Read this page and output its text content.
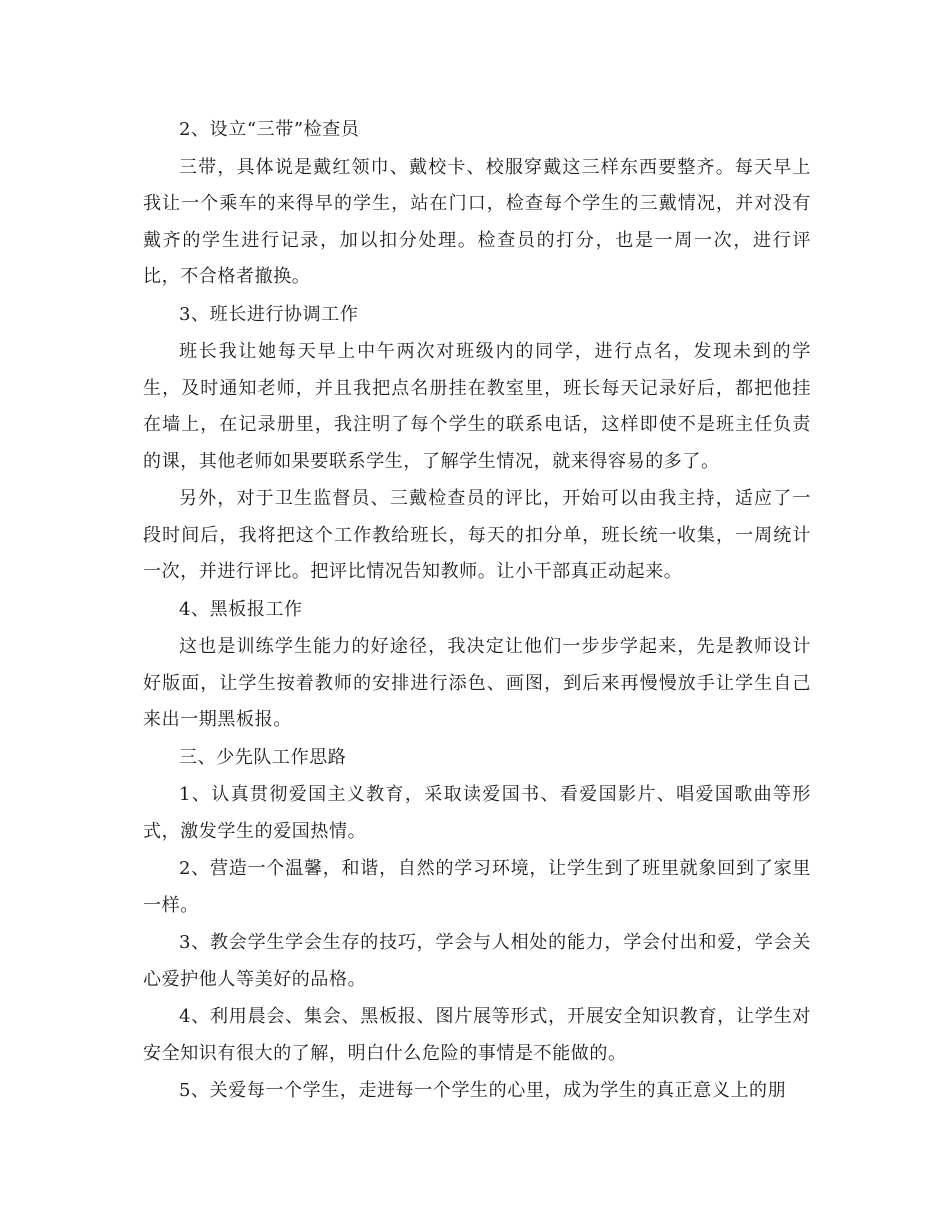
2、设立“三带”检查员

三带，具体说是戴红领巾、戴校卡、校服穿戴这三样东西要整齐。每天早上我让一个乘车的来得早的学生，站在门口，检查每个学生的三戴情况，并对没有戴齐的学生进行记录，加以扣分处理。检查员的打分，也是一周一次，进行评比，不合格者撤换。

3、班长进行协调工作

班长我让她每天早上中午两次对班级内的同学，进行点名，发现未到的学生，及时通知老师，并且我把点名册挂在教室里，班长每天记录好后，都把他挂在墙上，在记录册里，我注明了每个学生的联系电话，这样即使不是班主任负责的课，其他老师如果要联系学生，了解学生情况，就来得容易的多了。

另外，对于卫生监督员、三戴检查员的评比，开始可以由我主持，适应了一段时间后，我将把这个工作教给班长，每天的扣分单，班长统一收集，一周统计一次，并进行评比。把评比情况告知教师。让小干部真正动起来。

4、黑板报工作

这也是训练学生能力的好途径，我决定让他们一步步学起来，先是教师设计好版面，让学生按着教师的安排进行添色、画图，到后来再慢慢放手让学生自己来出一期黑板报。

三、少先队工作思路

1、认真贯彻爱国主义教育，采取读爱国书、看爱国影片、唱爱国歌曲等形式，激发学生的爱国热情。

2、营造一个温馨，和谐，自然的学习环境，让学生到了班里就象回到了家里一样。

3、教会学生学会生存的技巧，学会与人相处的能力，学会付出和爱，学会关心爱护他人等美好的品格。

4、利用晨会、集会、黑板报、图片展等形式，开展安全知识教育，让学生对安全知识有很大的了解，明白什么危险的事情是不能做的。

5、关爱每一个学生，走进每一个学生的心里，成为学生的真正意义上的朋
